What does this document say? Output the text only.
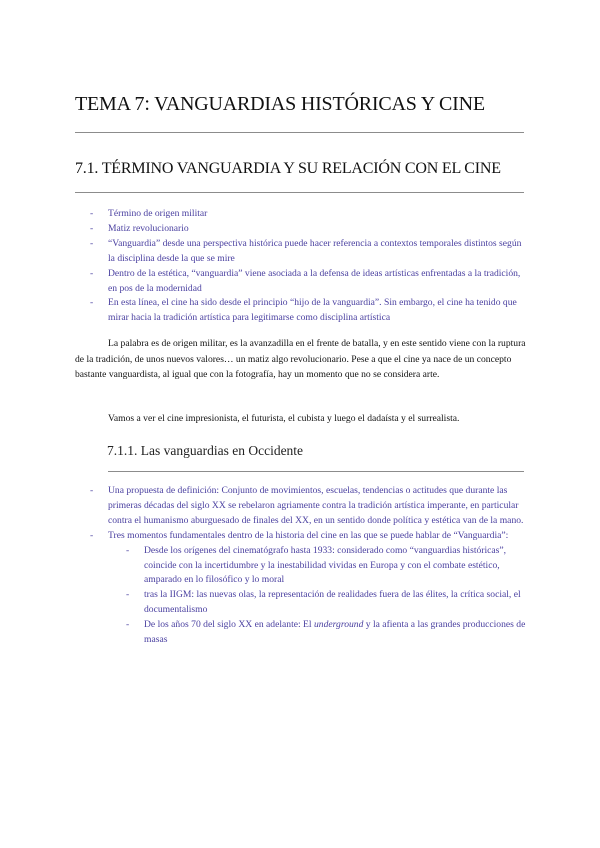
TEMA 7: VANGUARDIAS HISTÓRICAS Y CINE
7.1. TÉRMINO VANGUARDIA Y SU RELACIÓN CON EL CINE
- Término de origen militar
- Matiz revolucionario
- “Vanguardia” desde una perspectiva histórica puede hacer referencia a contextos temporales distintos según la disciplina desde la que se mire
- Dentro de la estética, “vanguardia” viene asociada a la defensa de ideas artísticas enfrentadas a la tradición, en pos de la modernidad
- En esta línea, el cine ha sido desde el principio “hijo de la vanguardia”. Sin embargo, el cine ha tenido que mirar hacia la tradición artística para legitimarse como disciplina artística

La palabra es de origen militar, es la avanzadilla en el frente de batalla, y en este sentido viene con la ruptura de la tradición, de unos nuevos valores… un matiz algo revolucionario. Pese a que el cine ya nace de un concepto bastante vanguardista, al igual que con la fotografía, hay un momento que no se considera arte.

Vamos a ver el cine impresionista, el futurista, el cubista y luego el dadaísta y el surrealista.

7.1.1. Las vanguardias en Occidente
- Una propuesta de definición: Conjunto de movimientos, escuelas, tendencias o actitudes que durante las primeras décadas del siglo XX se rebelaron agriamente contra la tradición artística imperante, en particular contra el humanismo aburguesado de finales del XX, en un sentido donde política y estética van de la mano.
- Tres momentos fundamentales dentro de la historia del cine en las que se puede hablar de “Vanguardia”:
- Desde los orígenes del cinematógrafo hasta 1933: considerado como “vanguardias históricas”, coincide con la incertidumbre y la inestabilidad vividas en Europa y con el combate estético, amparado en lo filosófico y lo moral
- tras la IIGM: las nuevas olas, la representación de realidades fuera de las élites, la crítica social, el documentalismo
- De los años 70 del siglo XX en adelante: El underground y la afienta a las grandes producciones de masas
